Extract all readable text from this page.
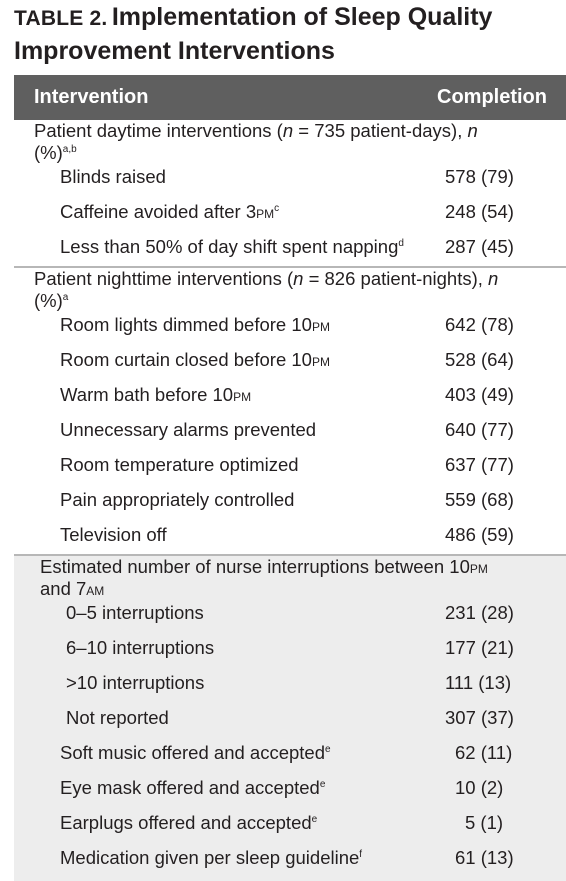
TABLE 2. Implementation of Sleep Quality
Improvement Interventions
Intervention	Completion
Patient daytime interventions (n = 735 patient-days), n (%)$^{a,b}$
Blinds raised	578 (79)
Caffeine avoided after $3PM^c$	248 (54)
Less than 50% of day shift spent napping$^d$ 287 (45)
Patient nighttime interventions (n = 826 patient-nights), n (%)$^a$
Room lights dimmed before 10PM	642 (78)
Room curtain closed before 10PM	528 (64)
Warm bath before 10PM	403 (49)
Unnecessary alarms prevented	640 (77)
Room temperature optimized	637 (77)
Pain appropriately controlled	559 (68)
Television off	486 (59)
Estimated number of nurse interruptions between 10PM and 7AM
0–5 interruptions	231 (28)
6–10 interruptions	177 (21)
>10 interruptions	111 (13)
Not reported	307 (37)
Soft music offered and accepted$^e$	62 (11)
Eye mask offered and accepted$^e$	10 (2)
Earplugs offered and accepted$^e$	5 (1)
Medication given per sleep guideline$^f$	61 (13)
